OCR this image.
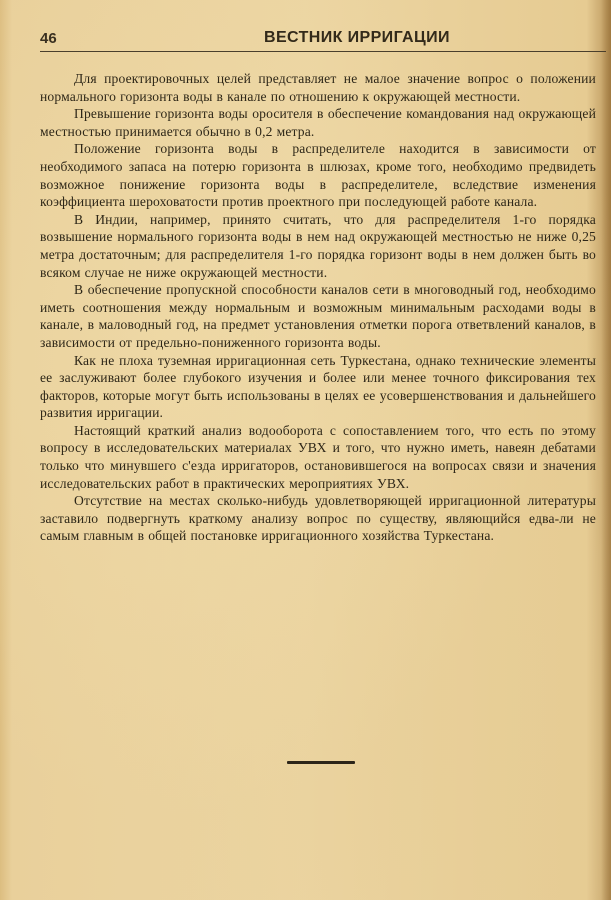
46	ВЕСТНИК ИРРИГАЦИИ

Для проектировочных целей представляет не малое значение вопрос о положении нормального горизонта воды в канале по отношению к окружающей местности.

Превышение горизонта воды оросителя в обеспечение командования над окружающей местностью принимается обычно в 0,2 метра.

Положение горизонта воды в распределителе находится в зависимости от необходимого запаса на потерю горизонта в шлюзах, кроме того, необходимо предвидеть возможное понижение горизонта воды в распределителе, вследствие изменения коэффициента шероховатости против проектного при последующей работе канала.

В Индии, например, принято считать, что для распределителя 1-го порядка возвышение нормального горизонта воды в нем над окружающей местностью не ниже 0,25 метра достаточным; для распределителя 1-го порядка горизонт воды в нем должен быть во всяком случае не ниже окружающей местности.

В обеспечение пропускной способности каналов сети в многоводный год, необходимо иметь соотношения между нормальным и возможным минимальным расходами воды в канале, в маловодный год, на предмет установления отметки порога ответвлений каналов, в зависимости от предельно-пониженного горизонта воды.

Как не плоха туземная ирригационная сеть Туркестана, однако технические элементы ее заслуживают более глубокого изучения и более или менее точного фиксирования тех факторов, которые могут быть использованы в целях ее усовершенствования и дальнейшего развития ирригации.

Настоящий краткий анализ водооборота с сопоставлением того, что есть по этому вопросу в исследовательских материалах УВХ и того, что нужно иметь, навеян дебатами только что минувшего с'езда ирригаторов, остановившегося на вопросах связи и значения исследовательских работ в практических мероприятиях УВХ.

Отсутствие на местах сколько-нибудь удовлетворяющей ирригационной литературы заставило подвергнуть краткому анализу вопрос по существу, являющийся едва-ли не самым главным в общей постановке ирригационного хозяйства Туркестана.
